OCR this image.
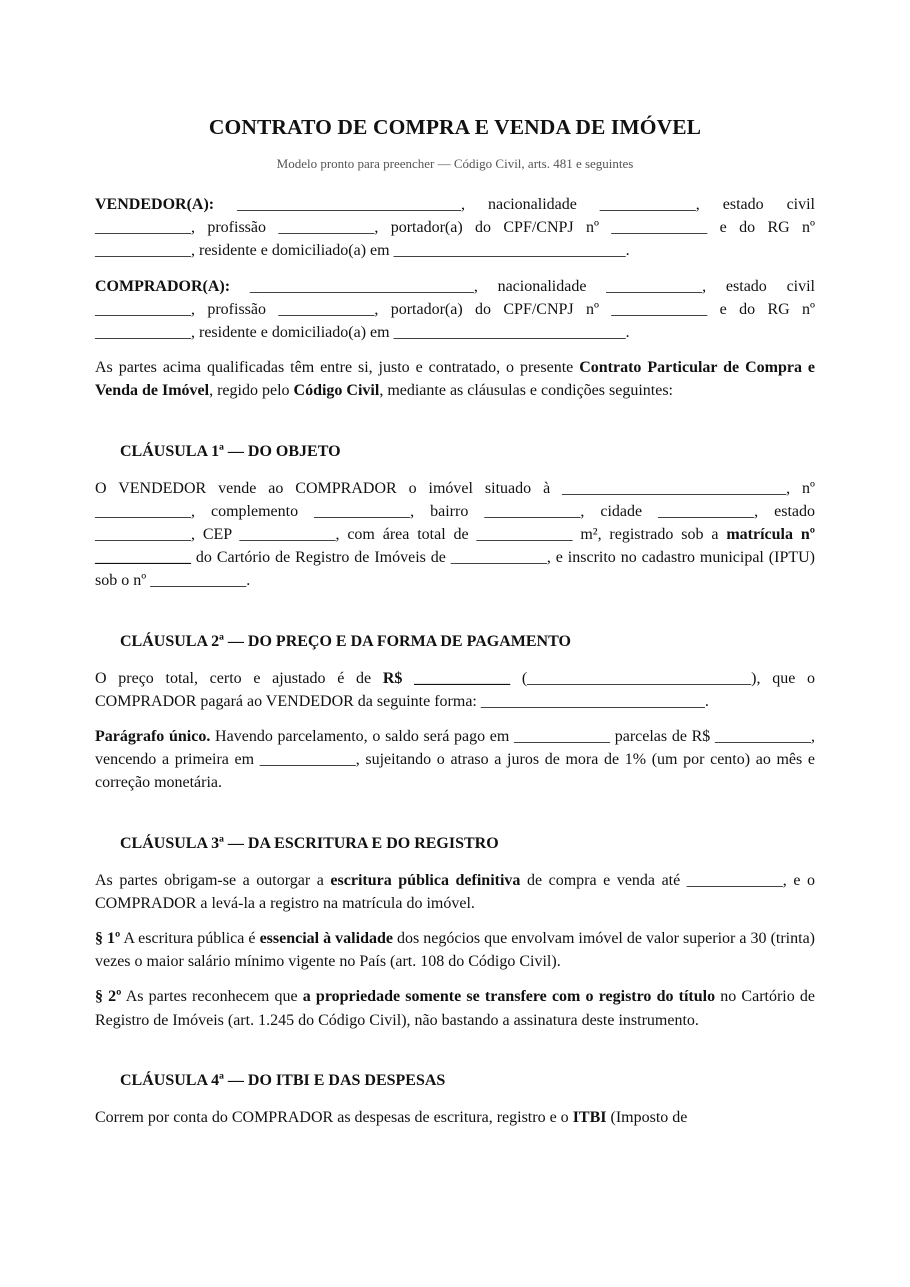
CONTRATO DE COMPRA E VENDA DE IMÓVEL

Modelo pronto para preencher — Código Civil, arts. 481 e seguintes

VENDEDOR(A): ____________________________, nacionalidade ____________, estado civil ____________, profissão ____________, portador(a) do CPF/CNPJ nº ____________ e do RG nº ____________, residente e domiciliado(a) em _____________________________.

COMPRADOR(A): ____________________________, nacionalidade ____________, estado civil ____________, profissão ____________, portador(a) do CPF/CNPJ nº ____________ e do RG nº ____________, residente e domiciliado(a) em _____________________________.

As partes acima qualificadas têm entre si, justo e contratado, o presente Contrato Particular de Compra e Venda de Imóvel, regido pelo Código Civil, mediante as cláusulas e condições seguintes:

CLÁUSULA 1ª — DO OBJETO

O VENDEDOR vende ao COMPRADOR o imóvel situado à ____________________________, nº ____________, complemento ____________, bairro ____________, cidade ____________, estado ____________, CEP ____________, com área total de ____________ m², registrado sob a matrícula nº ____________ do Cartório de Registro de Imóveis de ____________, e inscrito no cadastro municipal (IPTU) sob o nº ____________.

CLÁUSULA 2ª — DO PREÇO E DA FORMA DE PAGAMENTO

O preço total, certo e ajustado é de R$ ____________ (____________________________), que o COMPRADOR pagará ao VENDEDOR da seguinte forma: ____________________________.

Parágrafo único. Havendo parcelamento, o saldo será pago em ____________ parcelas de R$ ____________, vencendo a primeira em ____________, sujeitando o atraso a juros de mora de 1% (um por cento) ao mês e correção monetária.

CLÁUSULA 3ª — DA ESCRITURA E DO REGISTRO

As partes obrigam-se a outorgar a escritura pública definitiva de compra e venda até ____________, e o COMPRADOR a levá-la a registro na matrícula do imóvel.

§ 1º A escritura pública é essencial à validade dos negócios que envolvam imóvel de valor superior a 30 (trinta) vezes o maior salário mínimo vigente no País (art. 108 do Código Civil).

§ 2º As partes reconhecem que a propriedade somente se transfere com o registro do título no Cartório de Registro de Imóveis (art. 1.245 do Código Civil), não bastando a assinatura deste instrumento.

CLÁUSULA 4ª — DO ITBI E DAS DESPESAS

Correm por conta do COMPRADOR as despesas de escritura, registro e o ITBI (Imposto de
